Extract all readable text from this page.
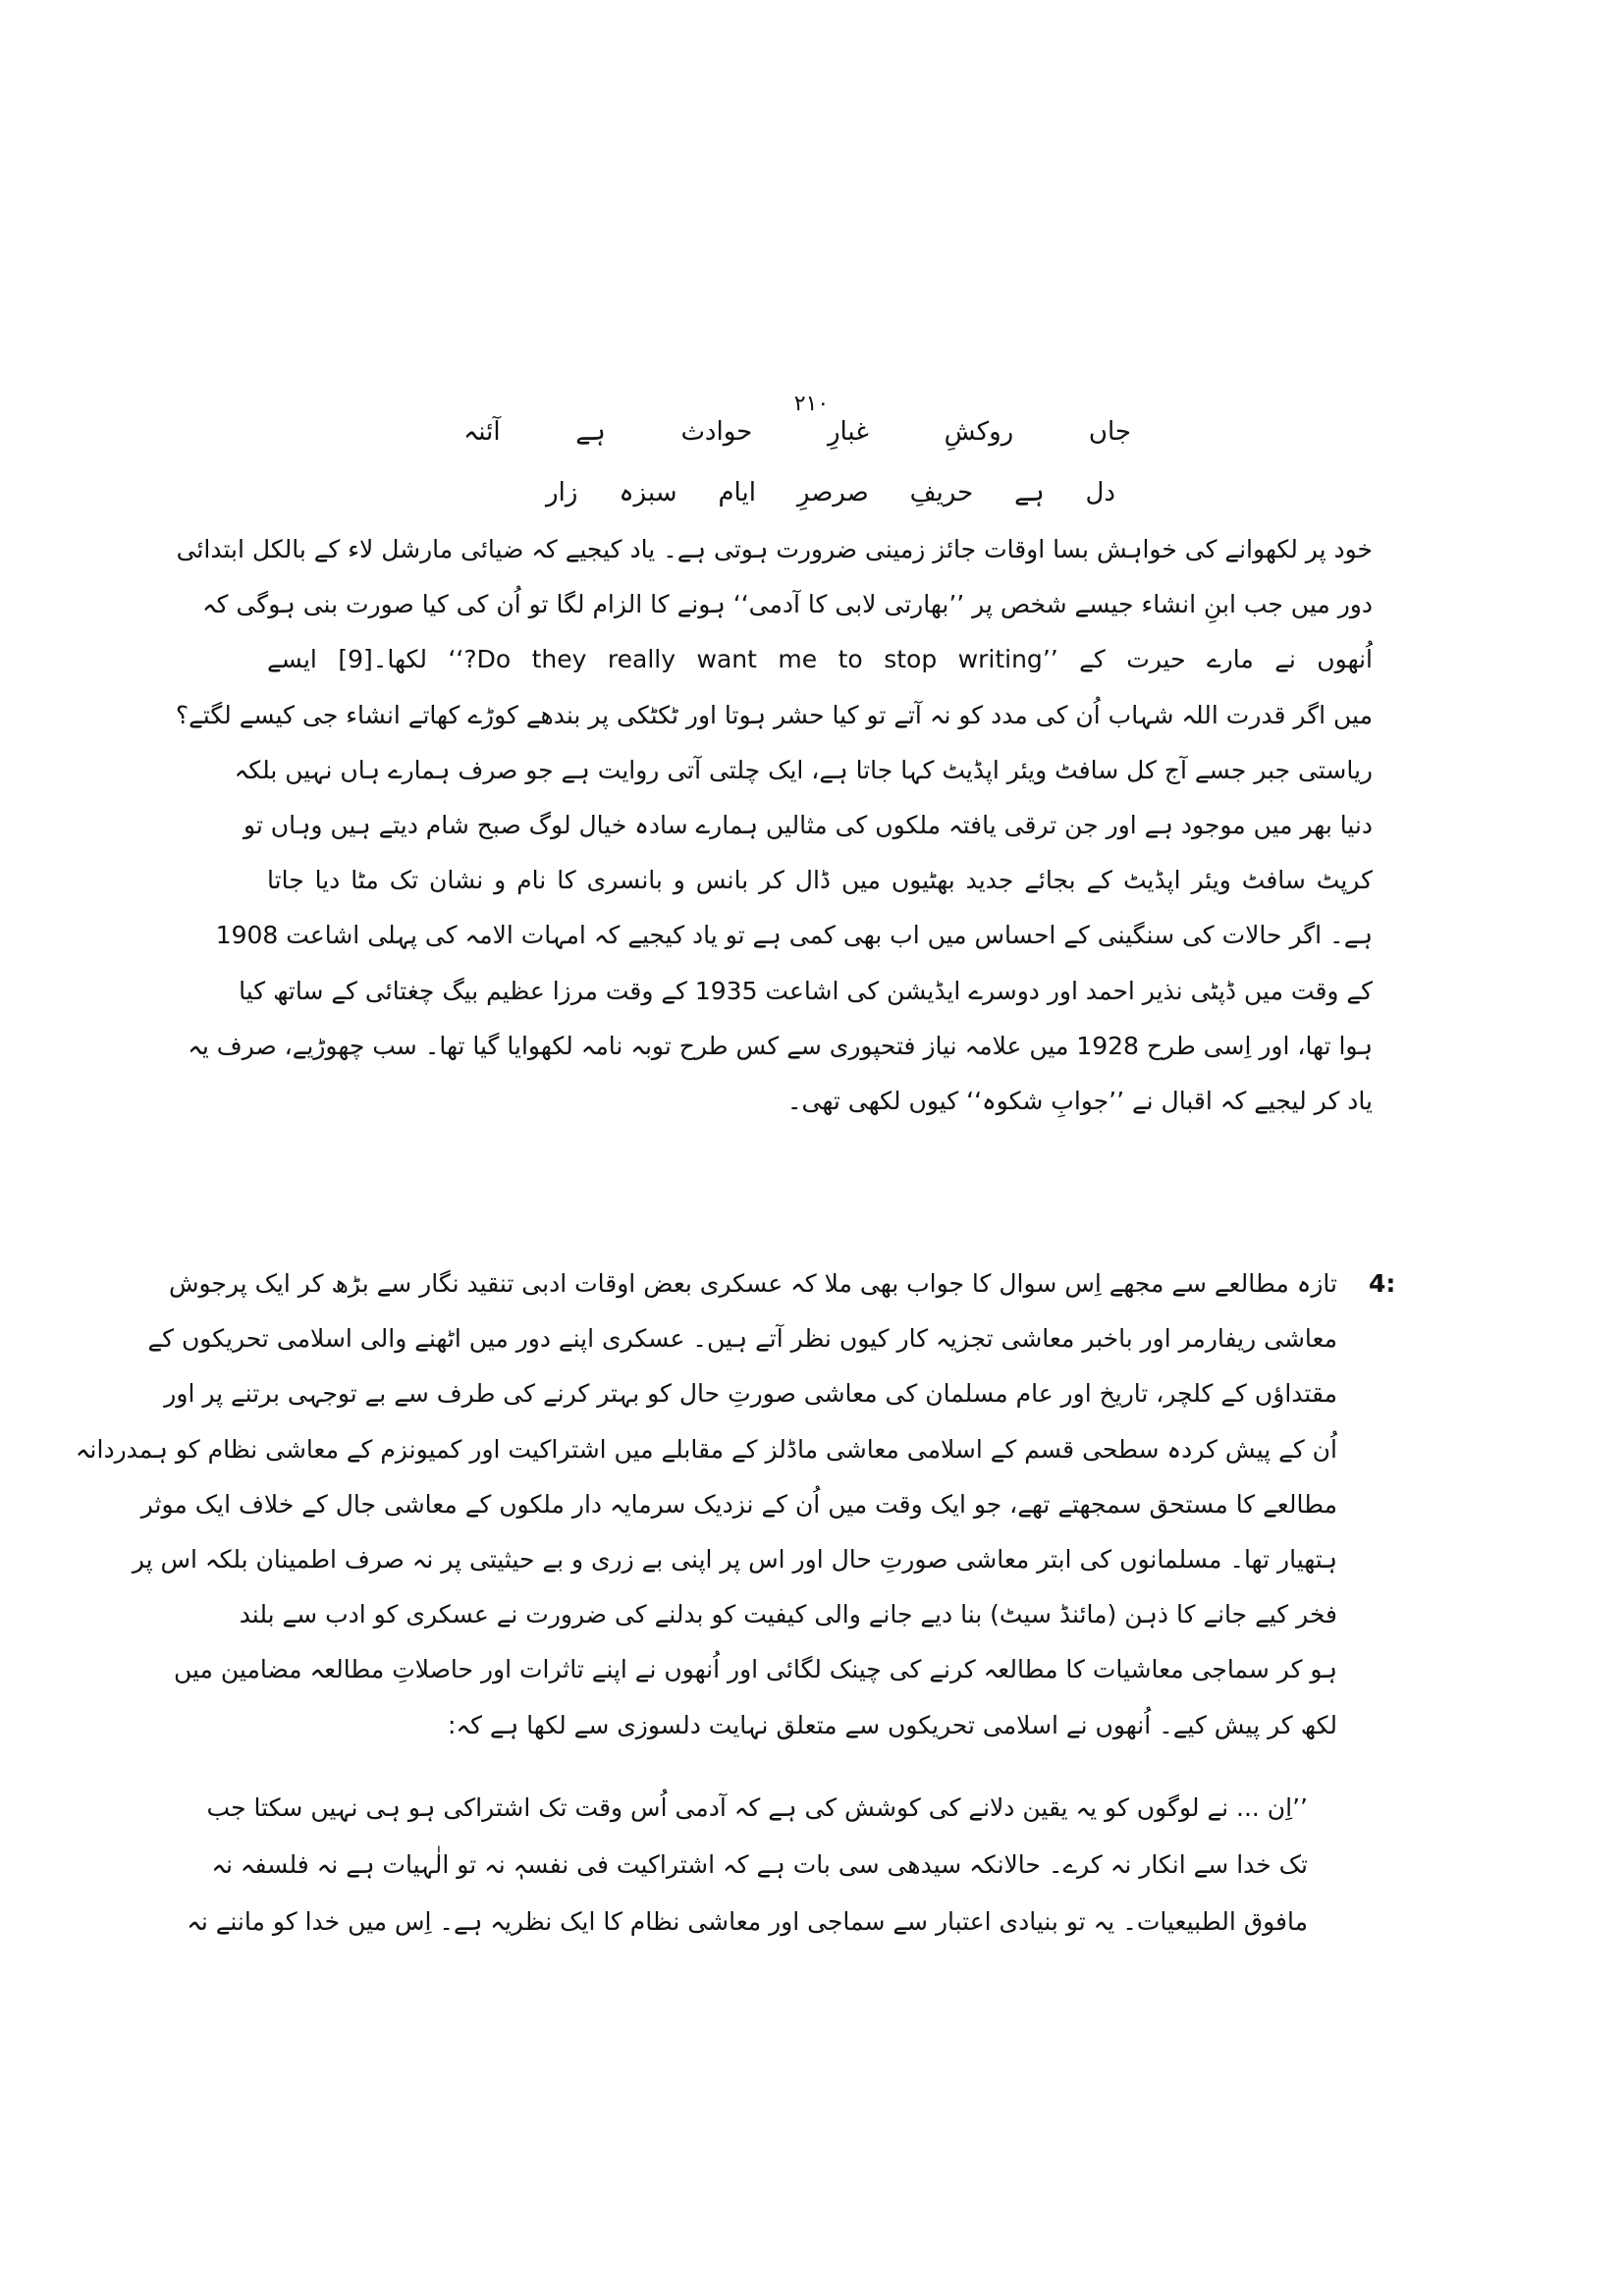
۲۱۰
جاں
روکشِ
غبارِ
حوادث
ہے
آئنہ
دل
ہے
حریفِ
صرصرِ
ایام
سبزہ
زار
خود پر لکھوانے کی خواہش بسا اوقات جائز زمینی ضرورت ہوتی ہے۔ یاد کیجیے کہ ضیائی مارشل لاء کے بالکل ابتدائی
دور میں جب ابنِ انشاء جیسے شخص پر ’’بھارتی لابی کا آدمی‘‘ ہونے کا الزام لگا تو اُن کی کیا صورت بنی ہوگی کہ
اُنھوں نے مارے حیرت کے ’’Do they really want me to stop writing?‘‘ لکھا۔[9] ایسے
میں اگر قدرت اللہ شہاب اُن کی مدد کو نہ آتے تو کیا حشر ہوتا اور ٹکٹکی پر بندھے کوڑے کھاتے انشاء جی کیسے لگتے؟
ریاستی جبر جسے آج کل سافٹ ویئر اپڈیٹ کہا جاتا ہے، ایک چلتی آتی روایت ہے جو صرف ہمارے ہاں نہیں بلکہ
دنیا بھر میں موجود ہے اور جن ترقی یافتہ ملکوں کی مثالیں ہمارے سادہ خیال لوگ صبح شام دیتے ہیں وہاں تو
کرپٹ سافٹ ویئر اپڈیٹ کے بجائے جدید بھٹیوں میں ڈال کر بانس و بانسری کا نام و نشان تک مٹا دیا جاتا
ہے۔ اگر حالات کی سنگینی کے احساس میں اب بھی کمی ہے تو یاد کیجیے کہ امہات الامہ کی پہلی اشاعت 1908
کے وقت میں ڈپٹی نذیر احمد اور دوسرے ایڈیشن کی اشاعت 1935 کے وقت مرزا عظیم بیگ چغتائی کے ساتھ کیا
ہوا تھا، اور اِسی طرح 1928 میں علامہ نیاز فتحپوری سے کس طرح توبہ نامہ لکھوایا گیا تھا۔ سب چھوڑیے، صرف یہ
یاد کر لیجیے کہ اقبال نے ’’جوابِ شکوہ‘‘ کیوں لکھی تھی۔
4:
تازہ مطالعے سے مجھے اِس سوال کا جواب بھی ملا کہ عسکری بعض اوقات ادبی تنقید نگار سے بڑھ کر ایک پرجوش
معاشی ریفارمر اور باخبر معاشی تجزیہ کار کیوں نظر آتے ہیں۔ عسکری اپنے دور میں اٹھنے والی اسلامی تحریکوں کے
مقتداؤں کے کلچر، تاریخ اور عام مسلمان کی معاشی صورتِ حال کو بہتر کرنے کی طرف سے بے توجہی برتنے پر اور
اُن کے پیش کردہ سطحی قسم کے اسلامی معاشی ماڈلز کے مقابلے میں اشتراکیت اور کمیونزم کے معاشی نظام کو ہمدردانہ
مطالعے کا مستحق سمجھتے تھے، جو ایک وقت میں اُن کے نزدیک سرمایہ دار ملکوں کے معاشی جال کے خلاف ایک موثر
ہتھیار تھا۔ مسلمانوں کی ابتر معاشی صورتِ حال اور اس پر اپنی بے زری و بے حیثیتی پر نہ صرف اطمینان بلکہ اس پر
فخر کیے جانے کا ذہن (مائنڈ سیٹ) بنا دیے جانے والی کیفیت کو بدلنے کی ضرورت نے عسکری کو ادب سے بلند
ہو کر سماجی معاشیات کا مطالعہ کرنے کی چینک لگائی اور اُنھوں نے اپنے تاثرات اور حاصلاتِ مطالعہ مضامین میں
لکھ کر پیش کیے۔ اُنھوں نے اسلامی تحریکوں سے متعلق نہایت دلسوزی سے لکھا ہے کہ:
’’اِن ... نے لوگوں کو یہ یقین دلانے کی کوشش کی ہے کہ آدمی اُس وقت تک اشتراکی ہو ہی نہیں سکتا جب
تک خدا سے انکار نہ کرے۔ حالانکہ سیدھی سی بات ہے کہ اشتراکیت فی نفسہٖ نہ تو الٰہیات ہے نہ فلسفہ نہ
مافوق الطبیعیات۔ یہ تو بنیادی اعتبار سے سماجی اور معاشی نظام کا ایک نظریہ ہے۔ اِس میں خدا کو ماننے نہ
